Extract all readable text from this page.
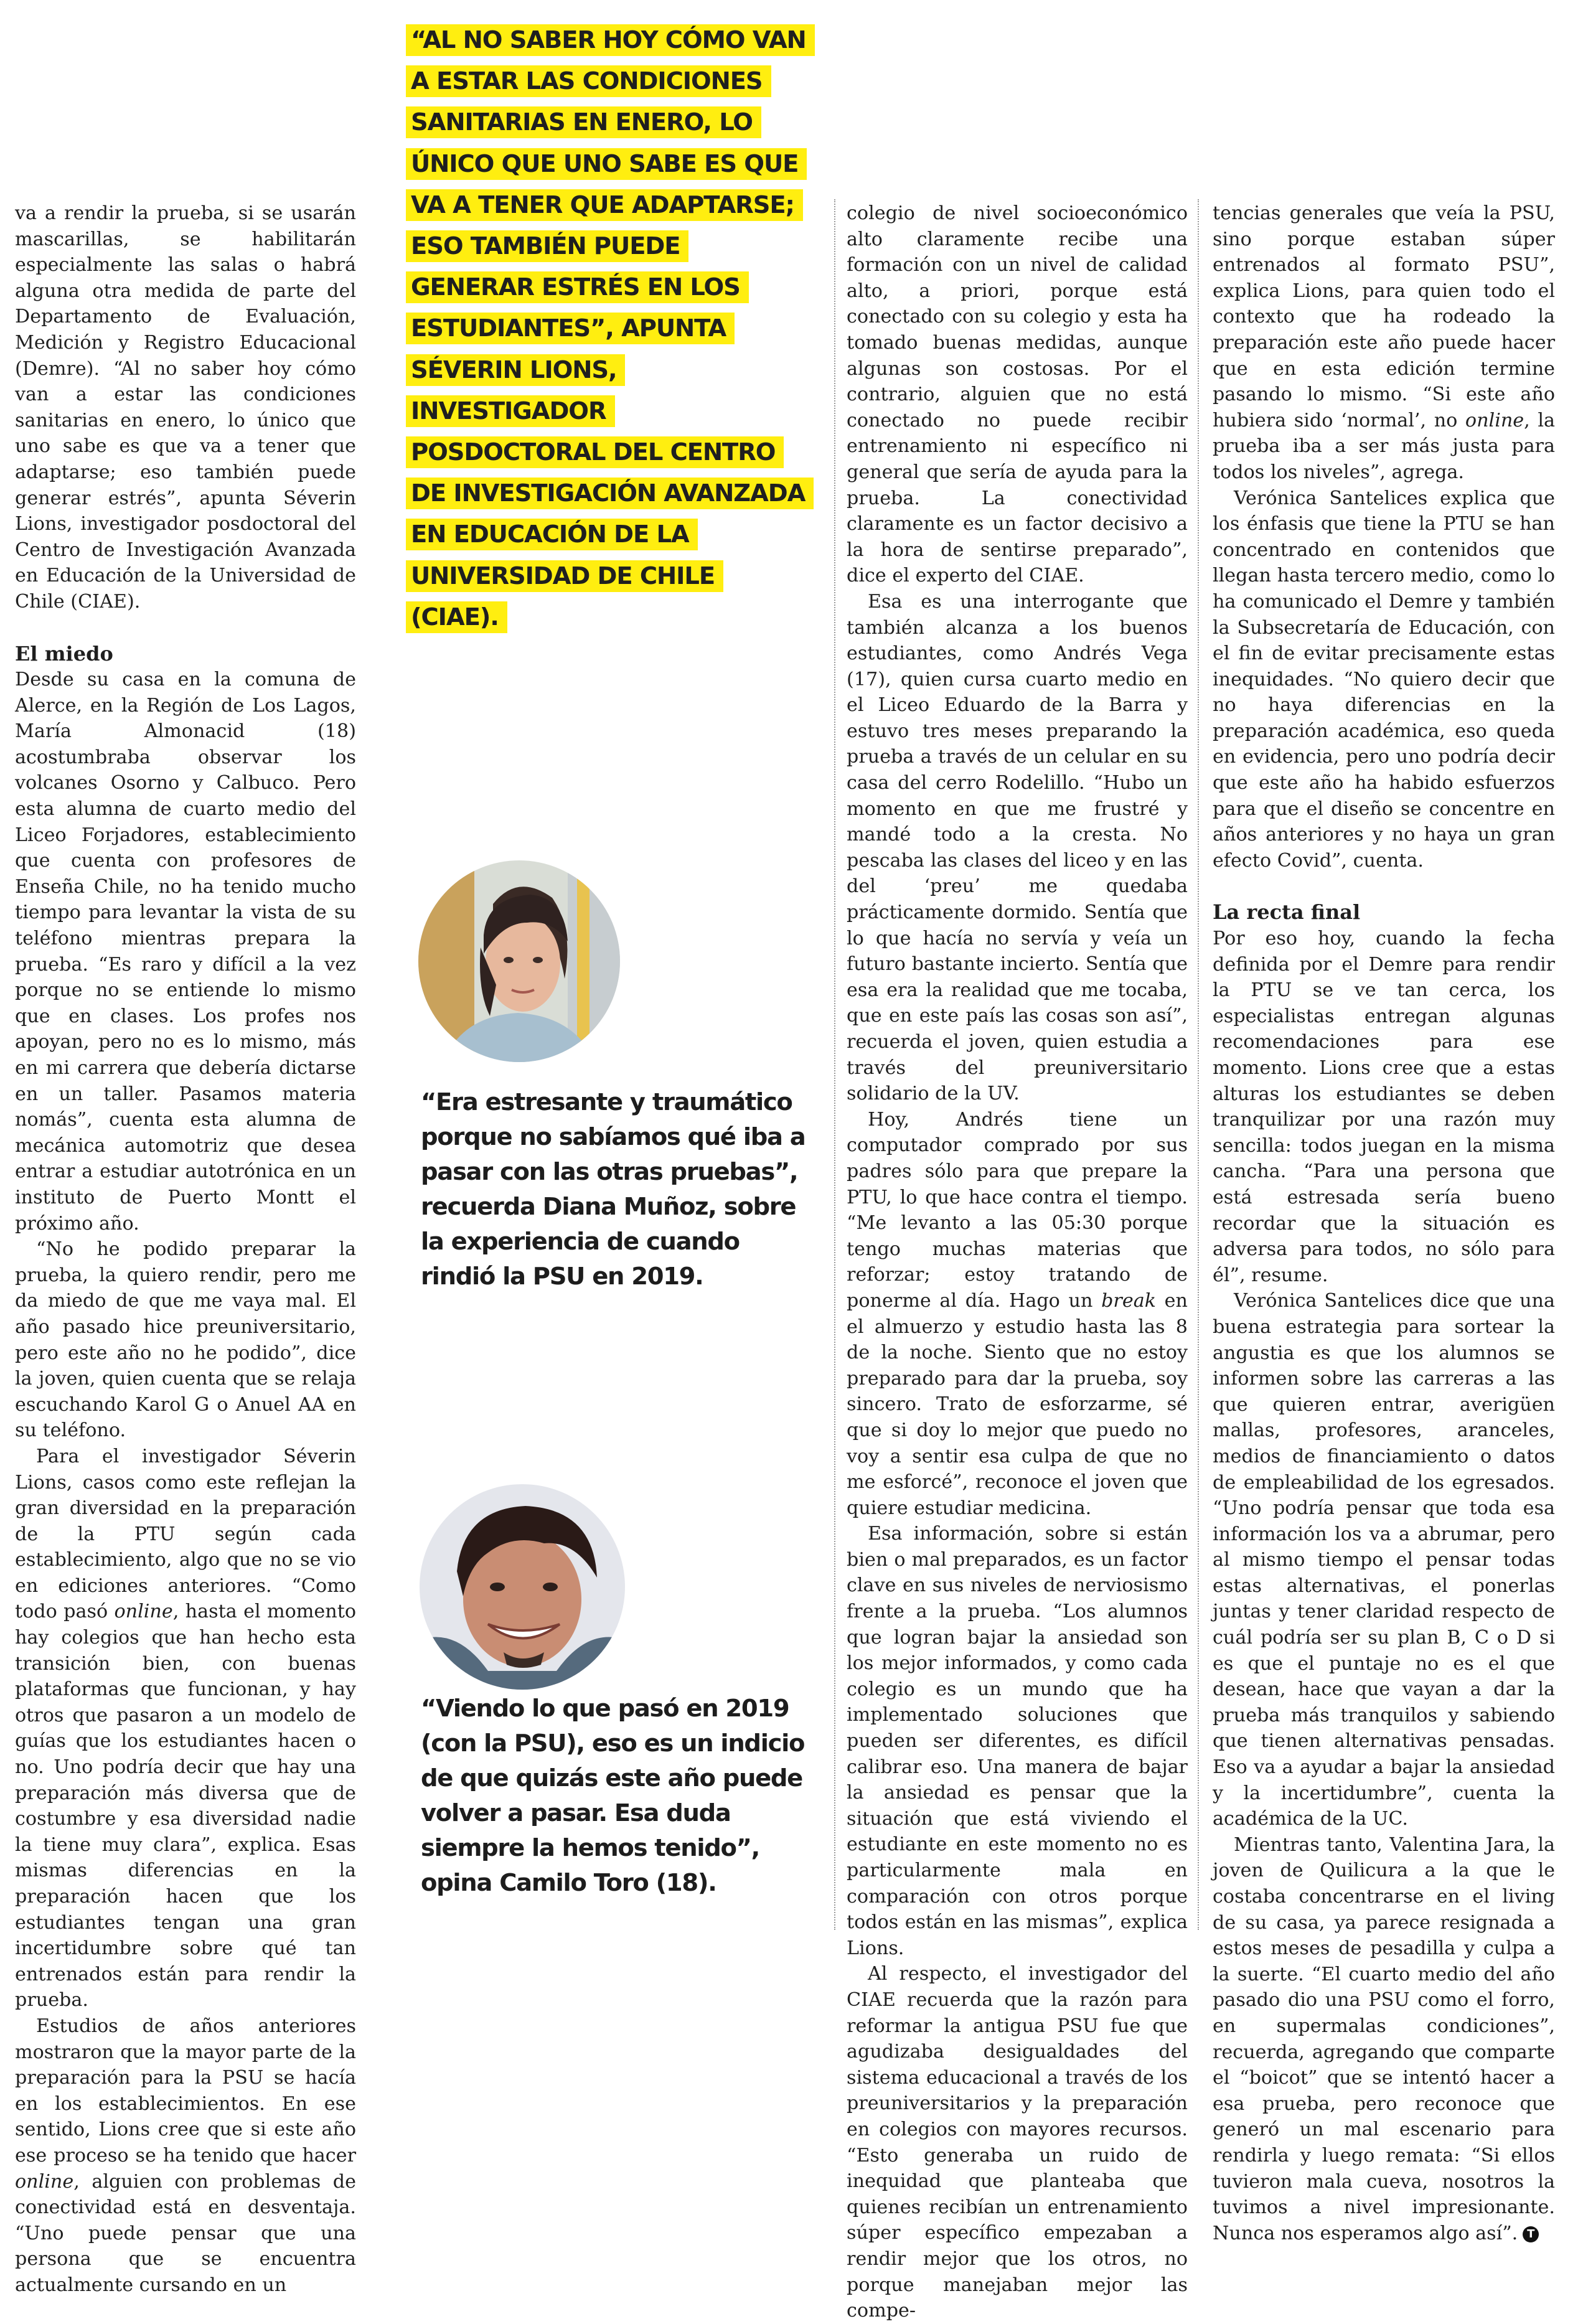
va a rendir la prueba, si se usarán mascarillas, se habilitarán especialmente las salas o habrá alguna otra medida de parte del Departamento de Evaluación, Medición y Registro Educacional (Demre). “Al no saber hoy cómo van a estar las condiciones sanitarias en enero, lo único que uno sabe es que va a tener que adaptarse; eso también puede generar estrés”, apunta Séverin Lions, investigador posdoctoral del Centro de Investigación Avanzada en Educación de la Universidad de Chile (CIAE).

El miedo

Desde su casa en la comuna de Alerce, en la Región de Los Lagos, María Almonacid (18) acostumbraba observar los volcanes Osorno y Calbuco. Pero esta alumna de cuarto medio del Liceo Forjadores, establecimiento que cuenta con profesores de Enseña Chile, no ha tenido mucho tiempo para levantar la vista de su teléfono mientras prepara la prueba. “Es raro y difícil a la vez porque no se entiende lo mismo que en clases. Los profes nos apoyan, pero no es lo mismo, más en mi carrera que debería dictarse en un taller. Pasamos materia nomás”, cuenta esta alumna de mecánica automotriz que desea entrar a estudiar autotrónica en un instituto de Puerto Montt el próximo año.

“No he podido preparar la prueba, la quiero rendir, pero me da miedo de que me vaya mal. El año pasado hice preuniversitario, pero este año no he podido”, dice la joven, quien cuenta que se relaja escuchando Karol G o Anuel AA en su teléfono.

Para el investigador Séverin Lions, casos como este reflejan la gran diversidad en la preparación de la PTU según cada establecimiento, algo que no se vio en ediciones anteriores. “Como todo pasó online, hasta el momento hay colegios que han hecho esta transición bien, con buenas plataformas que funcionan, y hay otros que pasaron a un modelo de guías que los estudiantes hacen o no. Uno podría decir que hay una preparación más diversa que de costumbre y esa diversidad nadie la tiene muy clara”, explica. Esas mismas diferencias en la preparación hacen que los estudiantes tengan una gran incertidumbre sobre qué tan entrenados están para rendir la prueba.

Estudios de años anteriores mostraron que la mayor parte de la preparación para la PSU se hacía en los establecimientos. En ese sentido, Lions cree que si este año ese proceso se ha tenido que hacer online, alguien con problemas de conectividad está en desventaja. “Uno puede pensar que una persona que se encuentra actualmente cursando en un

“AL NO SABER HOY CÓMO VAN
A ESTAR LAS CONDICIONES
SANITARIAS EN ENERO, LO
ÚNICO QUE UNO SABE ES QUE
VA A TENER QUE ADAPTARSE;
ESO TAMBIÉN PUEDE
GENERAR ESTRÉS EN LOS
ESTUDIANTES”, APUNTA
SÉVERIN LIONS,
INVESTIGADOR
POSDOCTORAL DEL CENTRO
DE INVESTIGACIÓN AVANZADA
EN EDUCACIÓN DE LA
UNIVERSIDAD DE CHILE (CIAE).
“Era estresante y traumático
porque no sabíamos qué iba a
pasar con las otras pruebas”,
recuerda Diana Muñoz, sobre
la experiencia de cuando
rindió la PSU en 2019.
“Viendo lo que pasó en 2019
(con la PSU), eso es un indicio
de que quizás este año puede
volver a pasar. Esa duda
siempre la hemos tenido”,
opina Camilo Toro (18).

colegio de nivel socioeconómico alto claramente recibe una formación con un nivel de calidad alto, a priori, porque está conectado con su colegio y esta ha tomado buenas medidas, aunque algunas son costosas. Por el contrario, alguien que no está conectado no puede recibir entrenamiento ni específico ni general que sería de ayuda para la prueba. La conectividad claramente es un factor decisivo a la hora de sentirse preparado”, dice el experto del CIAE.

Esa es una interrogante que también alcanza a los buenos estudiantes, como Andrés Vega (17), quien cursa cuarto medio en el Liceo Eduardo de la Barra y estuvo tres meses preparando la prueba a través de un celular en su casa del cerro Rodelillo. “Hubo un momento en que me frustré y mandé todo a la cresta. No pescaba las clases del liceo y en las del ‘preu’ me quedaba prácticamente dormido. Sentía que lo que hacía no servía y veía un futuro bastante incierto. Sentía que esa era la realidad que me tocaba, que en este país las cosas son así”, recuerda el joven, quien estudia a través del preuniversitario solidario de la UV.

Hoy, Andrés tiene un computador comprado por sus padres sólo para que prepare la PTU, lo que hace contra el tiempo. “Me levanto a las 05:30 porque tengo muchas materias que reforzar; estoy tratando de ponerme al día. Hago un break en el almuerzo y estudio hasta las 8 de la noche. Siento que no estoy preparado para dar la prueba, soy sincero. Trato de esforzarme, sé que si doy lo mejor que puedo no voy a sentir esa culpa de que no me esforcé”, reconoce el joven que quiere estudiar medicina.

Esa información, sobre si están bien o mal preparados, es un factor clave en sus niveles de nerviosismo frente a la prueba. “Los alumnos que logran bajar la ansiedad son los mejor informados, y como cada colegio es un mundo que ha implementado soluciones que pueden ser diferentes, es difícil calibrar eso. Una manera de bajar la ansiedad es pensar que la situación que está viviendo el estudiante en este momento no es particularmente mala en comparación con otros porque todos están en las mismas”, explica Lions.

Al respecto, el investigador del CIAE recuerda que la razón para reformar la antigua PSU fue que agudizaba desigualdades del sistema educacional a través de los preuniversitarios y la preparación en colegios con mayores recursos. “Esto generaba un ruido de inequidad que planteaba que quienes recibían un entrenamiento súper específico empezaban a rendir mejor que los otros, no porque manejaban mejor las compe-

tencias generales que veía la PSU, sino porque estaban súper entrenados al formato PSU”, explica Lions, para quien todo el contexto que ha rodeado la preparación este año puede hacer que en esta edición termine pasando lo mismo. “Si este año hubiera sido ‘normal’, no online, la prueba iba a ser más justa para todos los niveles”, agrega.

Verónica Santelices explica que los énfasis que tiene la PTU se han concentrado en contenidos que llegan hasta tercero medio, como lo ha comunicado el Demre y también la Subsecretaría de Educación, con el fin de evitar precisamente estas inequidades. “No quiero decir que no haya diferencias en la preparación académica, eso queda en evidencia, pero uno podría decir que este año ha habido esfuerzos para que el diseño se concentre en años anteriores y no haya un gran efecto Covid”, cuenta.

La recta final

Por eso hoy, cuando la fecha definida por el Demre para rendir la PTU se ve tan cerca, los especialistas entregan algunas recomendaciones para ese momento. Lions cree que a estas alturas los estudiantes se deben tranquilizar por una razón muy sencilla: todos juegan en la misma cancha. “Para una persona que está estresada sería bueno recordar que la situación es adversa para todos, no sólo para él”, resume.

Verónica Santelices dice que una buena estrategia para sortear la angustia es que los alumnos se informen sobre las carreras a las que quieren entrar, averigüen mallas, profesores, aranceles, medios de financiamiento o datos de empleabilidad de los egresados. “Uno podría pensar que toda esa información los va a abrumar, pero al mismo tiempo el pensar todas estas alternativas, el ponerlas juntas y tener claridad respecto de cuál podría ser su plan B, C o D si es que el puntaje no es el que desean, hace que vayan a dar la prueba más tranquilos y sabiendo que tienen alternativas pensadas. Eso va a ayudar a bajar la ansiedad y la incertidumbre”, cuenta la académica de la UC.

Mientras tanto, Valentina Jara, la joven de Quilicura a la que le costaba concentrarse en el living de su casa, ya parece resignada a estos meses de pesadilla y culpa a la suerte. “El cuarto medio del año pasado dio una PSU como el forro, en supermalas condiciones”, recuerda, agregando que comparte el “boicot” que se intentó hacer a esa prueba, pero reconoce que generó un mal escenario para rendirla y luego remata: “Si ellos tuvieron mala cueva, nosotros la tuvimos a nivel impresionante. Nunca nos esperamos algo así”. T
